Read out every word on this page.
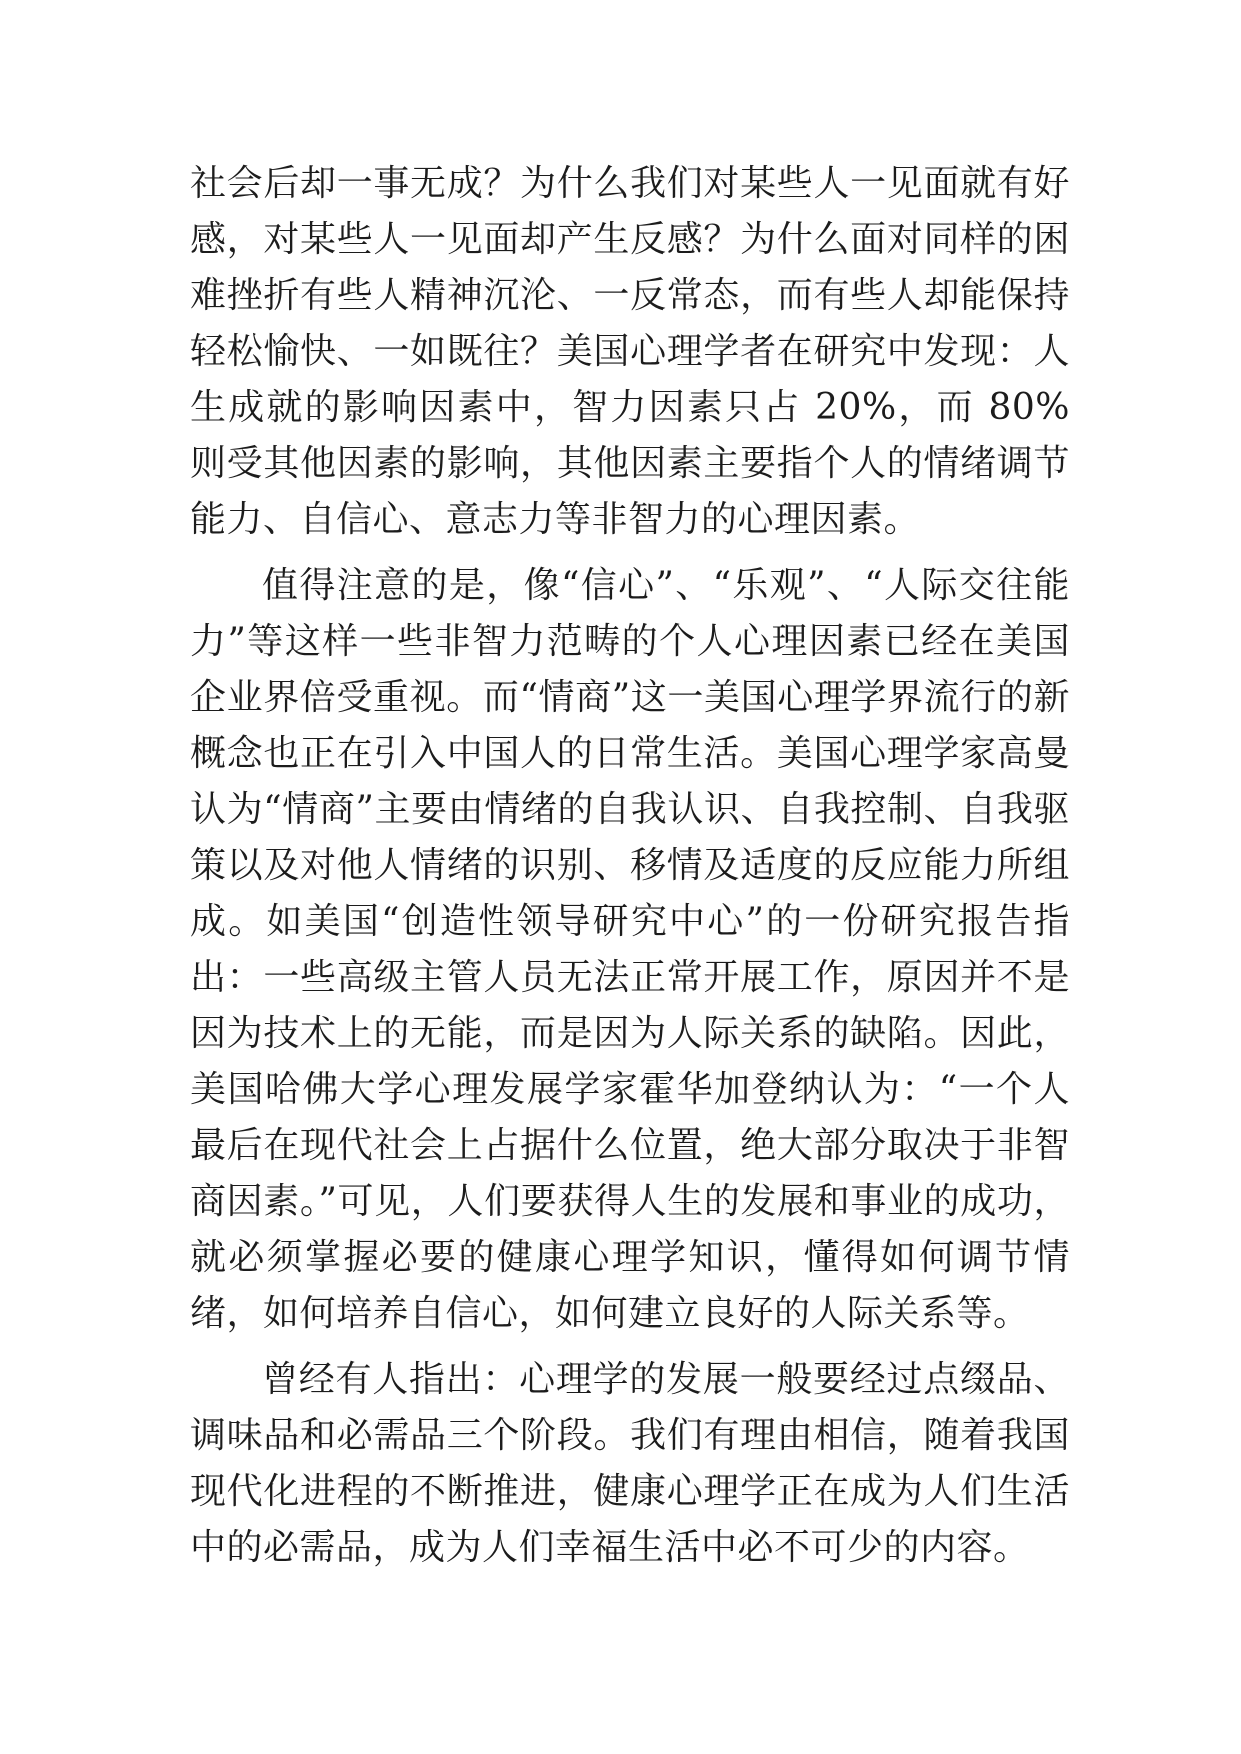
社会后却一事无成？为什么我们对某些人一见面就有好感，对某些人一见面却产生反感？为什么面对同样的困难挫折有些人精神沉沦、一反常态，而有些人却能保持轻松愉快、一如既往？美国心理学者在研究中发现：人生成就的影响因素中，智力因素只占 20%，而 80%则受其他因素的影响，其他因素主要指个人的情绪调节能力、自信心、意志力等非智力的心理因素。

值得注意的是，像“信心”、“乐观”、“人际交往能力”等这样一些非智力范畴的个人心理因素已经在美国企业界倍受重视。而“情商”这一美国心理学界流行的新概念也正在引入中国人的日常生活。美国心理学家高曼认为“情商”主要由情绪的自我认识、自我控制、自我驱策以及对他人情绪的识别、移情及适度的反应能力所组成。如美国“创造性领导研究中心”的一份研究报告指出：一些高级主管人员无法正常开展工作，原因并不是因为技术上的无能，而是因为人际关系的缺陷。因此，美国哈佛大学心理发展学家霍华加登纳认为：“一个人最后在现代社会上占据什么位置，绝大部分取决于非智商因素。”可见，人们要获得人生的发展和事业的成功，就必须掌握必要的健康心理学知识，懂得如何调节情绪，如何培养自信心，如何建立良好的人际关系等。

曾经有人指出：心理学的发展一般要经过点缀品、调味品和必需品三个阶段。我们有理由相信，随着我国现代化进程的不断推进，健康心理学正在成为人们生活中的必需品，成为人们幸福生活中必不可少的内容。
